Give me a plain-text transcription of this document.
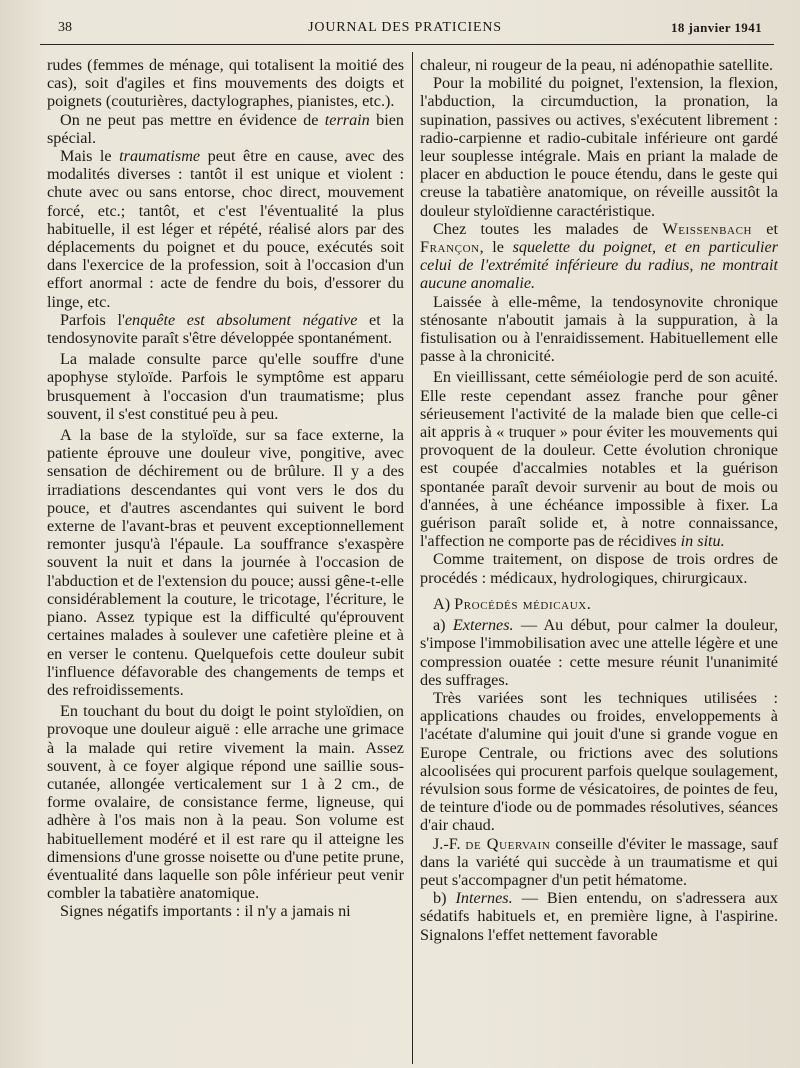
38	JOURNAL DES PRATICIENS	18 janvier 1941

rudes (femmes de ménage, qui totalisent la moitié des cas), soit d'agiles et fins mouvements des doigts et poignets (couturières, dactylographes, pianistes, etc.).

On ne peut pas mettre en évidence de terrain bien spécial.

Mais le traumatisme peut être en cause, avec des modalités diverses : tantôt il est unique et violent : chute avec ou sans entorse, choc direct, mouvement forcé, etc.; tantôt, et c'est l'éventualité la plus habituelle, il est léger et répété, réalisé alors par des déplacements du poignet et du pouce, exécutés soit dans l'exercice de la profession, soit à l'occasion d'un effort anormal : acte de fendre du bois, d'essorer du linge, etc.

Parfois l'enquête est absolument négative et la tendosynovite paraît s'être développée spontanément.

La malade consulte parce qu'elle souffre d'une apophyse styloïde. Parfois le symptôme est apparu brusquement à l'occasion d'un traumatisme; plus souvent, il s'est constitué peu à peu.

A la base de la styloïde, sur sa face externe, la patiente éprouve une douleur vive, pongitive, avec sensation de déchirement ou de brûlure. Il y a des irradiations descendantes qui vont vers le dos du pouce, et d'autres ascendantes qui suivent le bord externe de l'avant-bras et peuvent exceptionnellement remonter jusqu'à l'épaule. La souffrance s'exaspère souvent la nuit et dans la journée à l'occasion de l'abduction et de l'extension du pouce; aussi gêne-t-elle considérablement la couture, le tricotage, l'écriture, le piano. Assez typique est la difficulté qu'éprouvent certaines malades à soulever une cafetière pleine et à en verser le contenu. Quelquefois cette douleur subit l'influence défavorable des changements de temps et des refroidissements.

En touchant du bout du doigt le point styloïdien, on provoque une douleur aiguë : elle arrache une grimace à la malade qui retire vivement la main. Assez souvent, à ce foyer algique répond une saillie sous-cutanée, allongée verticalement sur 1 à 2 cm., de forme ovalaire, de consistance ferme, ligneuse, qui adhère à l'os mais non à la peau. Son volume est habituellement modéré et il est rare qu il atteigne les dimensions d'une grosse noisette ou d'une petite prune, éventualité dans laquelle son pôle inférieur peut venir combler la tabatière anatomique.

Signes négatifs importants : il n'y a jamais ni

chaleur, ni rougeur de la peau, ni adénopathie satellite.

Pour la mobilité du poignet, l'extension, la flexion, l'abduction, la circumduction, la pronation, la supination, passives ou actives, s'exécutent librement : radio-carpienne et radio-cubitale inférieure ont gardé leur souplesse intégrale. Mais en priant la malade de placer en abduction le pouce étendu, dans le geste qui creuse la tabatière anatomique, on réveille aussitôt la douleur styloïdienne caractéristique.

Chez toutes les malades de Weissenbach et Françon, le squelette du poignet, et en particulier celui de l'extrémité inférieure du radius, ne montrait aucune anomalie.

Laissée à elle-même, la tendosynovite chronique sténosante n'aboutit jamais à la suppuration, à la fistulisation ou à l'enraidissement. Habituellement elle passe à la chronicité.

En vieillissant, cette séméiologie perd de son acuité. Elle reste cependant assez franche pour gêner sérieusement l'activité de la malade bien que celle-ci ait appris à « truquer » pour éviter les mouvements qui provoquent de la douleur. Cette évolution chronique est coupée d'accalmies notables et la guérison spontanée paraît devoir survenir au bout de mois ou d'années, à une échéance impossible à fixer. La guérison paraît solide et, à notre connaissance, l'affection ne comporte pas de récidives in situ.

Comme traitement, on dispose de trois ordres de procédés : médicaux, hydrologiques, chirurgicaux.

A) Procédés médicaux.

a) Externes. — Au début, pour calmer la douleur, s'impose l'immobilisation avec une attelle légère et une compression ouatée : cette mesure réunit l'unanimité des suffrages.

Très variées sont les techniques utilisées : applications chaudes ou froides, enveloppements à l'acétate d'alumine qui jouit d'une si grande vogue en Europe Centrale, ou frictions avec des solutions alcoolisées qui procurent parfois quelque soulagement, révulsion sous forme de vésicatoires, de pointes de feu, de teinture d'iode ou de pommades résolutives, séances d'air chaud.

J.-F. de Quervain conseille d'éviter le massage, sauf dans la variété qui succède à un traumatisme et qui peut s'accompagner d'un petit hématome.

b) Internes. — Bien entendu, on s'adressera aux sédatifs habituels et, en première ligne, à l'aspirine. Signalons l'effet nettement favorable
